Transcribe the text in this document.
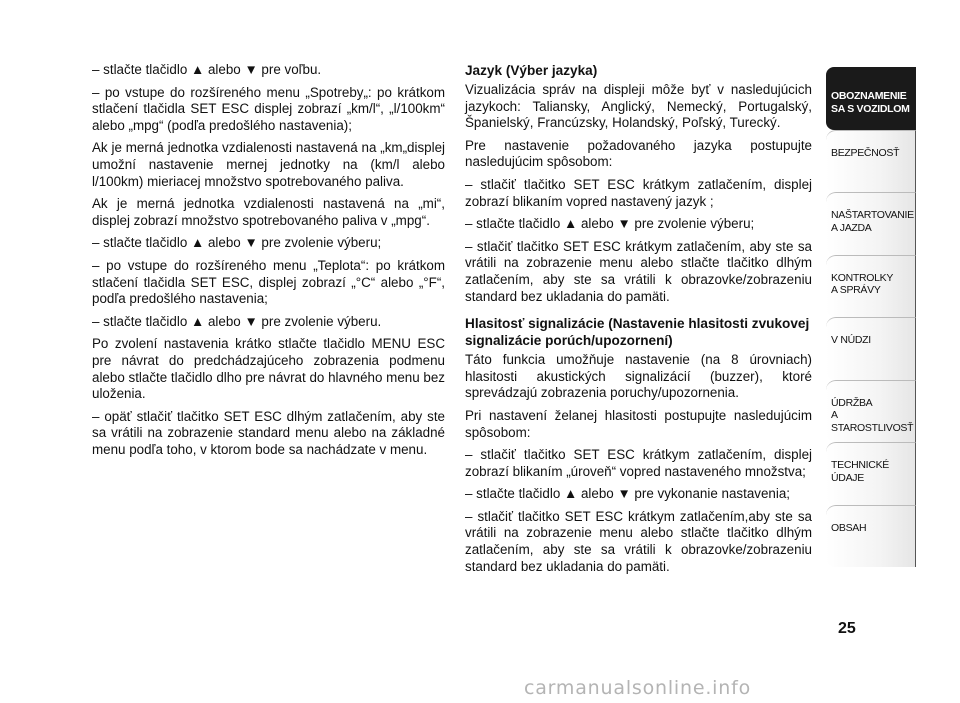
– stlačte tlačidlo ▲ alebo ▼ pre voľbu.

– po vstupe do rozšíreného menu „Spotreby„: po krátkom stlačení tlačidla SET ESC displej zobrazí „km/l“, „l/100km“ alebo „mpg“ (podľa predošlého nastavenia);

Ak je merná jednotka vzdialenosti nastavená na „km„displej umožní nastavenie mernej jednotky na (km/l alebo l/100km) mieriacej množstvo spotrebovaného paliva.

Ak je merná jednotka vzdialenosti nastavená na „mi“, displej zobrazí množstvo spotrebovaného paliva v „mpg“.

– stlačte tlačidlo ▲ alebo ▼ pre zvolenie výberu;

– po vstupe do rozšíreného menu „Teplota“: po krátkom stlačení tlačidla SET ESC, displej zobrazí „°C“ alebo „°F“, podľa predošlého nastavenia;

– stlačte tlačidlo ▲ alebo ▼ pre zvolenie výberu.

Po zvolení nastavenia krátko stlačte tlačidlo MENU ESC pre návrat do predchádzajúceho zobrazenia podmenu alebo stlačte tlačidlo dlho pre návrat do hlavného menu bez uloženia.

– opäť stlačiť tlačitko SET ESC dlhým zatlačením, aby ste sa vrátili na zobrazenie standard menu alebo na základné menu podľa toho, v ktorom bode sa nachádzate v menu.

Jazyk (Výber jazyka)

Vizualizácia správ na displeji môže byť v nasledujúcich jazykoch: Taliansky, Anglický, Nemecký, Portugalský, Španielský, Francúzsky, Holandský, Poľský, Turecký.

Pre nastavenie požadovaného jazyka postupujte nasledujúcim spôsobom:

– stlačiť tlačitko SET ESC krátkym zatlačením, displej zobrazí blikaním vopred nastavený jazyk ;

– stlačte tlačidlo ▲ alebo ▼ pre zvolenie výberu;

– stlačiť tlačitko SET ESC krátkym zatlačením, aby ste sa vrátili na zobrazenie menu alebo stlačte tlačitko dlhým zatlačením, aby ste sa vrátili k obrazovke/zobrazeniu standard bez ukladania do pamäti.

Hlasitosť signalizácie (Nastavenie hlasitosti zvukovej signalizácie porúch/upozornení)

Táto funkcia umožňuje nastavenie (na 8 úrovniach) hlasitosti akustických signalizácií (buzzer), ktoré sprevádzajú zobrazenia poruchy/upozornenia.

Pri nastavení želanej hlasitosti postupujte nasledujúcim spôsobom:

– stlačiť tlačitko SET ESC krátkym zatlačením, displej zobrazí blikaním „úroveň“ vopred nastaveného množstva;

– stlačte tlačidlo ▲ alebo ▼ pre vykonanie nastavenia;

– stlačiť tlačitko SET ESC krátkym zatlačením,aby ste sa vrátili na zobrazenie menu alebo stlačte tlačitko dlhým zatlačením, aby ste sa vrátili k obrazovke/zobrazeniu standard bez ukladania do pamäti.

OBOZNAMENIE
SA S VOZIDLOM
BEZPEČNOSŤ
NAŠTARTOVANIE
A JAZDA
KONTROLKY
A SPRÁVY
V NÚDZI
ÚDRŽBA
A STAROSTLIVOSŤ
TECHNICKÉ
ÚDAJE
OBSAH
25
carmanualsonline.info
